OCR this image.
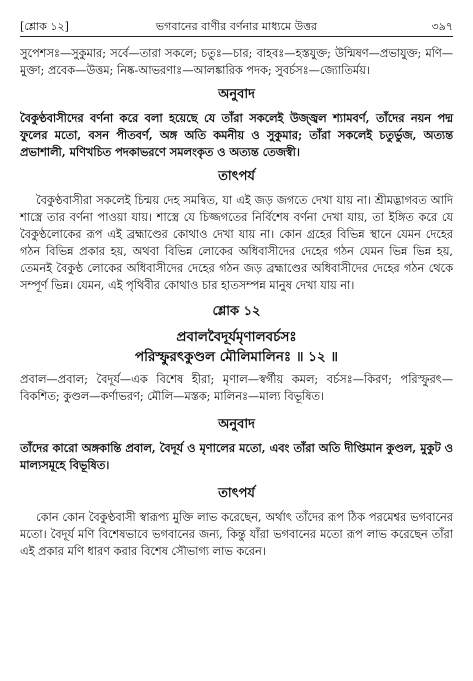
[শ্লোক ১২]	ভগবানের বাণীর বর্ণনার মাধ্যমে উত্তর	৩৯৭

সুপেশসঃ—সুকুমার; সর্বে—তারা সকলে; চতুঃ—চার; বাহবঃ—হস্তযুক্ত; উন্মিষণ—প্রভাযুক্ত; মণি—মুক্তা; প্রবেক—উত্তম; নিষ্ক-আভরণাঃ—আলঙ্কারিক পদক; সুবর্চসঃ—জ্যোতির্ময়।

অনুবাদ

বৈকুণ্ঠবাসীদের বর্ণনা করে বলা হয়েছে যে তাঁরা সকলেই উজ্জ্বল শ্যামবর্ণ, তাঁদের নয়ন পদ্ম ফুলের মতো, বসন পীতবর্ণ, অঙ্গ অতি কমনীয় ও সুকুমার; তাঁরা সকলেই চতুর্ভুজ, অত্যন্ত প্রভাশালী, মণিখচিত পদকাভরণে সমলংকৃত ও অত্যন্ত তেজস্বী।

তাৎপর্য

বৈকুণ্ঠবাসীরা সকলেই চিন্ময় দেহ সমন্বিত, যা এই জড় জগতে দেখা যায় না। শ্রীমদ্ভাগবত আদি শাস্ত্রে তার বর্ণনা পাওয়া যায়। শাস্ত্রে যে চিজ্জগতের নির্বিশেষ বর্ণনা দেখা যায়, তা ইঙ্গিত করে যে বৈকুণ্ঠলোকের রূপ এই ব্রহ্মাণ্ডের কোথাও দেখা যায় না। কোন গ্রহের বিভিন্ন স্থানে যেমন দেহের গঠন বিভিন্ন প্রকার হয়, অথবা বিভিন্ন লোকের অধিবাসীদের দেহের গঠন যেমন ভিন্ন ভিন্ন হয়, তেমনই বৈকুণ্ঠ লোকের অধিবাসীদের দেহের গঠন জড় ব্রহ্মাণ্ডের অধিবাসীদের দেহের গঠন থেকে সম্পূর্ণ ভিন্ন। যেমন, এই পৃথিবীর কোথাও চার হাতসম্পন্ন মানুষ দেখা যায় না।

শ্লোক ১২
প্রবালবৈদূর্যমৃণালবর্চসঃ
পরিস্ফুরৎকুণ্ডল মৌলিমালিনঃ ॥ ১২ ॥

প্রবাল—প্রবাল; বৈদূর্য—এক বিশেষ হীরা; মৃণাল—স্বর্গীয় কমল; বর্চসঃ—কিরণ; পরিস্ফুরৎ—বিকশিত; কুণ্ডল—কর্ণাভরণ; মৌলি—মস্তক; মালিনঃ—মাল্য বিভূষিত।

অনুবাদ

তাঁদের কারো অঙ্গকান্তি প্রবাল, বৈদূর্য ও মৃণালের মতো, এবং তাঁরা অতি দীপ্তিমান কুণ্ডল, মুকুট ও মাল্যসমূহে বিভূষিত।

তাৎপর্য

কোন কোন বৈকুণ্ঠবাসী স্বারূপ্য মুক্তি লাভ করেছেন, অর্থাৎ তাঁদের রূপ ঠিক পরমেশ্বর ভগবানের মতো। বৈদূর্য মণি বিশেষভাবে ভগবানের জন্য, কিন্তু যাঁরা ভগবানের মতো রূপ লাভ করেছেন তাঁরা এই প্রকার মণি ধারণ করার বিশেষ সৌভাগ্য লাভ করেন।
